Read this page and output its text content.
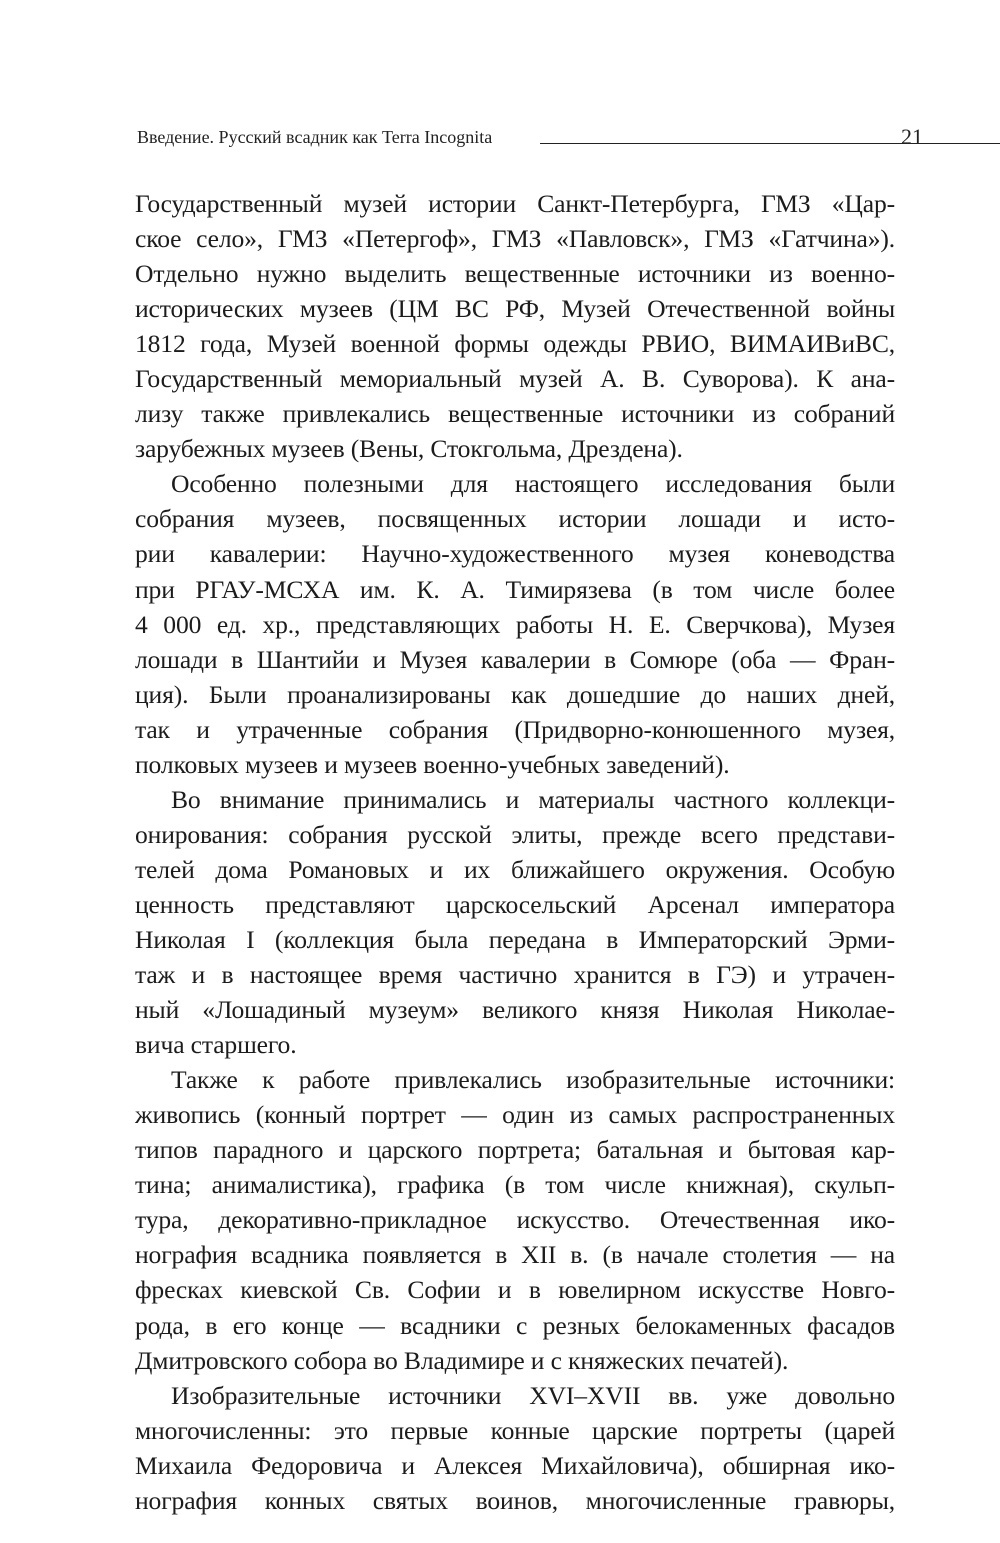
Введение. Русский всадник как Terra Incognita	21
Государственный музей истории Санкт-Петербурга, ГМЗ «Цар-
ское село», ГМЗ «Петергоф», ГМЗ «Павловск», ГМЗ «Гатчина»).
Отдельно нужно выделить вещественные источники из военно-
исторических музеев (ЦМ ВС РФ, Музей Отечественной войны
1812 года, Музей военной формы одежды РВИО, ВИМАИВиВС,
Государственный мемориальный музей А. В. Суворова). К ана-
лизу также привлекались вещественные источники из собраний
зарубежных музеев (Вены, Стокгольма, Дрездена).
Особенно полезными для настоящего исследования были
собрания музеев, посвященных истории лошади и исто-
рии кавалерии: Научно-художественного музея коневодства
при РГАУ-МСХА им. К. А. Тимирязева (в том числе более
4 000 ед. хр., представляющих работы Н. Е. Сверчкова), Музея
лошади в Шантийи и Музея кавалерии в Сомюре (оба — Фран-
ция). Были проанализированы как дошедшие до наших дней,
так и утраченные собрания (Придворно-конюшенного музея,
полковых музеев и музеев военно-учебных заведений).
Во внимание принимались и материалы частного коллекци-
онирования: собрания русской элиты, прежде всего представи-
телей дома Романовых и их ближайшего окружения. Особую
ценность представляют царскосельский Арсенал императора
Николая I (коллекция была передана в Императорский Эрми-
таж и в настоящее время частично хранится в ГЭ) и утрачен-
ный «Лошадиный музеум» великого князя Николая Николае-
вича старшего.
Также к работе привлекались изобразительные источники:
живопись (конный портрет — один из самых распространенных
типов парадного и царского портрета; батальная и бытовая кар-
тина; анималистика), графика (в том числе книжная), скульп-
тура, декоративно-прикладное искусство. Отечественная ико-
нография всадника появляется в XII в. (в начале столетия — на
фресках киевской Св. Софии и в ювелирном искусстве Новго-
рода, в его конце — всадники с резных белокаменных фасадов
Дмитровского собора во Владимире и с княжеских печатей).
Изобразительные источники XVI–XVII вв. уже довольно
многочисленны: это первые конные царские портреты (царей
Михаила Федоровича и Алексея Михайловича), обширная ико-
нография конных святых воинов, многочисленные гравюры,
